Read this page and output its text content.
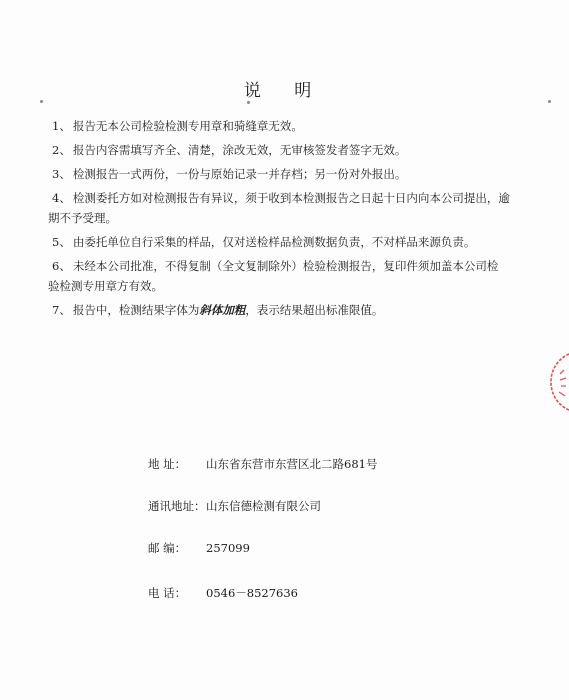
说 明
1、 报告无本公司检验检测专用章和骑缝章无效。
2、 报告内容需填写齐全、清楚，涂改无效，无审核签发者签字无效。
3、 检测报告一式两份，一份与原始记录一并存档；另一份对外报出。
4、 检测委托方如对检测报告有异议，须于收到本检测报告之日起十日内向本公司提出，逾
期不予受理。
5、 由委托单位自行采集的样品，仅对送检样品检测数据负责，不对样品来源负责。
6、 未经本公司批准，不得复制（全文复制除外）检验检测报告，复印件须加盖本公司检
验检测专用章方有效。
7、 报告中，检测结果字体为斜体加粗，表示结果超出标准限值。
地 址： 山东省东营市东营区北二路681号
通讯地址：山东信德检测有限公司
邮 编： 257099
电 话： 0546－8527636
